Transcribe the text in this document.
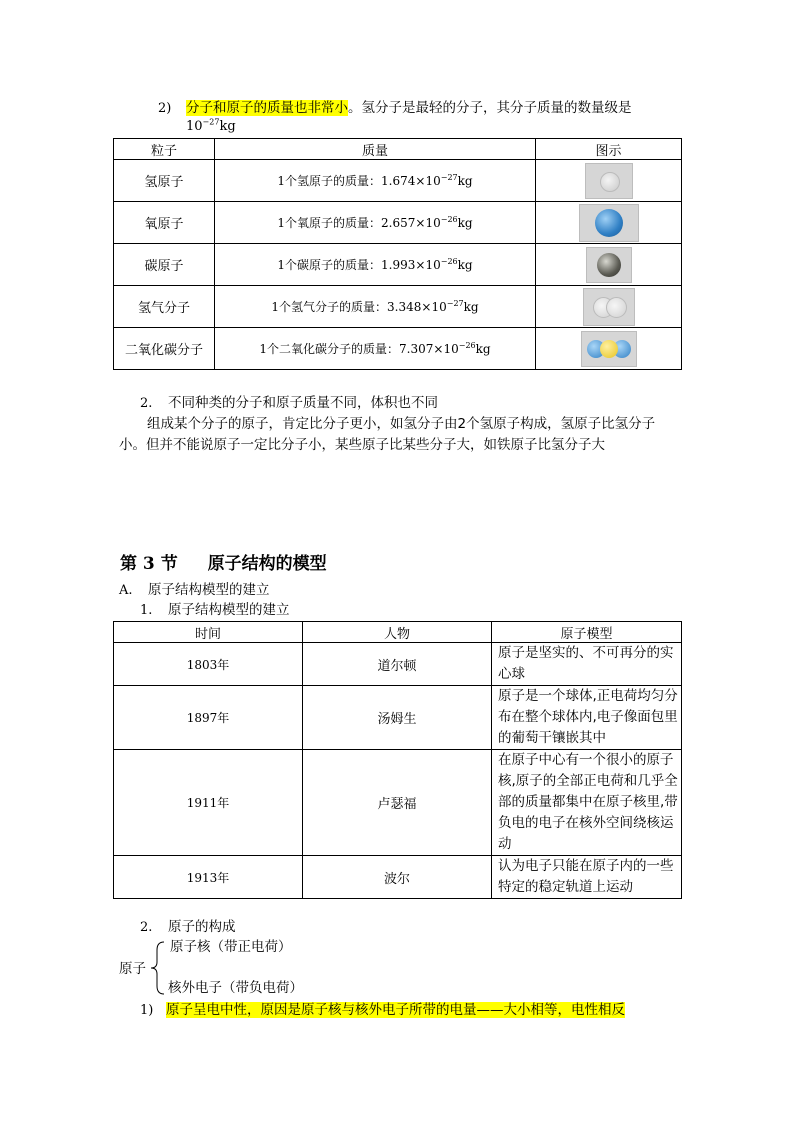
2) 分子和原子的质量也非常小。氢分子是最轻的分子，其分子质量的数量级是
$10^{-27}kg$
粒子	质量	图示
氢原子	1个氢原子的质量：$1.674\times 10^{-27}kg$	

氧原子	1个氧原子的质量：$2.657\times 10^{-26}kg$	

碳原子	1个碳原子的质量：$1.993\times 10^{-26}kg$	

氢气分子	1个氢气分子的质量：$3.348\times 10^{-27}kg$	

二氧化碳分子	1个二氧化碳分子的质量：$7.307\times 10^{-26}kg$	
2. 不同种类的分子和原子质量不同，体积也不同
组成某个分子的原子，肯定比分子更小，如氢分子由2个氢原子构成，氢原子比氢分子
小。但并不能说原子一定比分子小，某些原子比某些分子大，如铁原子比氢分子大
第 3 节 原子结构的模型
A. 原子结构模型的建立
1. 原子结构模型的建立
时间	人物	原子模型
1803年	道尔顿	原子是坚实的、不可再分的实心球
1897年	汤姆生	原子是一个球体,正电荷均匀分布在整个球体内,电子像面包里的葡萄干镶嵌其中
1911年	卢瑟福	在原子中心有一个很小的原子核,原子的全部正电荷和几乎全部的质量都集中在原子核里,带负电的电子在核外空间绕核运动
1913年	波尔	认为电子只能在原子内的一些特定的稳定轨道上运动
2. 原子的构成
原子核（带正电荷）
原子
核外电子（带负电荷）
1) 原子呈电中性，原因是原子核与核外电子所带的电量——大小相等，电性相反
